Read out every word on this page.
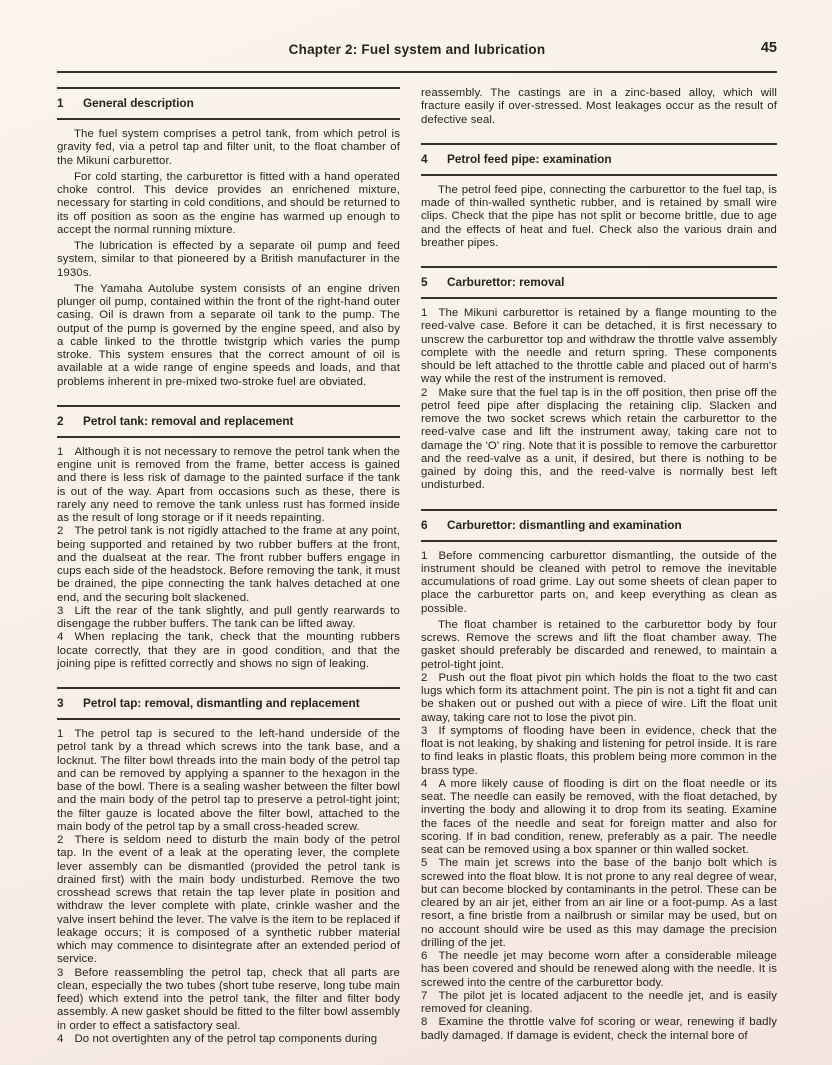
Chapter 2: Fuel system and lubrication	45
1 General description

The fuel system comprises a petrol tank, from which petrol is gravity fed, via a petrol tap and filter unit, to the float chamber of the Mikuni carburettor.

For cold starting, the carburettor is fitted with a hand operated choke control. This device provides an enrichened mixture, necessary for starting in cold conditions, and should be returned to its off position as soon as the engine has warmed up enough to accept the normal running mixture.

The lubrication is effected by a separate oil pump and feed system, similar to that pioneered by a British manufacturer in the 1930s.

The Yamaha Autolube system consists of an engine driven plunger oil pump, contained within the front of the right-hand outer casing. Oil is drawn from a separate oil tank to the pump. The output of the pump is governed by the engine speed, and also by a cable linked to the throttle twistgrip which varies the pump stroke. This system ensures that the correct amount of oil is available at a wide range of engine speeds and loads, and that problems inherent in pre-mixed two-stroke fuel are obviated.

2 Petrol tank: removal and replacement

1 Although it is not necessary to remove the petrol tank when the engine unit is removed from the frame, better access is gained and there is less risk of damage to the painted surface if the tank is out of the way. Apart from occasions such as these, there is rarely any need to remove the tank unless rust has formed inside as the result of long storage or if it needs repainting.

2 The petrol tank is not rigidly attached to the frame at any point, being supported and retained by two rubber buffers at the front, and the dualseat at the rear. The front rubber buffers engage in cups each side of the headstock. Before removing the tank, it must be drained, the pipe connecting the tank halves detached at one end, and the securing bolt slackened.

3 Lift the rear of the tank slightly, and pull gently rearwards to disengage the rubber buffers. The tank can be lifted away.

4 When replacing the tank, check that the mounting rubbers locate correctly, that they are in good condition, and that the joining pipe is refitted correctly and shows no sign of leaking.

3 Petrol tap: removal, dismantling and replacement

1 The petrol tap is secured to the left-hand underside of the petrol tank by a thread which screws into the tank base, and a locknut. The filter bowl threads into the main body of the petrol tap and can be removed by applying a spanner to the hexagon in the base of the bowl. There is a sealing washer between the filter bowl and the main body of the petrol tap to preserve a petrol-tight joint; the filter gauze is located above the filter bowl, attached to the main body of the petrol tap by a small cross-headed screw.

2 There is seldom need to disturb the main body of the petrol tap. In the event of a leak at the operating lever, the complete lever assembly can be dismantled (provided the petrol tank is drained first) with the main body undisturbed. Remove the two crosshead screws that retain the tap lever plate in position and withdraw the lever complete with plate, crinkle washer and the valve insert behind the lever. The valve is the item to be replaced if leakage occurs; it is composed of a synthetic rubber material which may commence to disintegrate after an extended period of service.

3 Before reassembling the petrol tap, check that all parts are clean, especially the two tubes (short tube reserve, long tube main feed) which extend into the petrol tank, the filter and filter body assembly. A new gasket should be fitted to the filter bowl assembly in order to effect a satisfactory seal.

4 Do not overtighten any of the petrol tap components during

reassembly. The castings are in a zinc-based alloy, which will fracture easily if over-stressed. Most leakages occur as the result of defective seal.

4 Petrol feed pipe: examination

The petrol feed pipe, connecting the carburettor to the fuel tap, is made of thin-walled synthetic rubber, and is retained by small wire clips. Check that the pipe has not split or become brittle, due to age and the effects of heat and fuel. Check also the various drain and breather pipes.

5 Carburettor: removal

1 The Mikuni carburettor is retained by a flange mounting to the reed-valve case. Before it can be detached, it is first necessary to unscrew the carburettor top and withdraw the throttle valve assembly complete with the needle and return spring. These components should be left attached to the throttle cable and placed out of harm's way while the rest of the instrument is removed.

2 Make sure that the fuel tap is in the off position, then prise off the petrol feed pipe after displacing the retaining clip. Slacken and remove the two socket screws which retain the carburettor to the reed-valve case and lift the instrument away, taking care not to damage the 'O' ring. Note that it is possible to remove the carburettor and the reed-valve as a unit, if desired, but there is nothing to be gained by doing this, and the reed-valve is normally best left undisturbed.

6 Carburettor: dismantling and examination

1 Before commencing carburettor dismantling, the outside of the instrument should be cleaned with petrol to remove the inevitable accumulations of road grime. Lay out some sheets of clean paper to place the carburettor parts on, and keep everything as clean as possible.

The float chamber is retained to the carburettor body by four screws. Remove the screws and lift the float chamber away. The gasket should preferably be discarded and renewed, to maintain a petrol-tight joint.

2 Push out the float pivot pin which holds the float to the two cast lugs which form its attachment point. The pin is not a tight fit and can be shaken out or pushed out with a piece of wire. Lift the float unit away, taking care not to lose the pivot pin.

3 If symptoms of flooding have been in evidence, check that the float is not leaking, by shaking and listening for petrol inside. It is rare to find leaks in plastic floats, this problem being more common in the brass type.

4 A more likely cause of flooding is dirt on the float needle or its seat. The needle can easily be removed, with the float detached, by inverting the body and allowing it to drop from its seating. Examine the faces of the needle and seat for foreign matter and also for scoring. If in bad condition, renew, preferably as a pair. The needle seat can be removed using a box spanner or thin walled socket.

5 The main jet screws into the base of the banjo bolt which is screwed into the float blow. It is not prone to any real degree of wear, but can become blocked by contaminants in the petrol. These can be cleared by an air jet, either from an air line or a foot-pump. As a last resort, a fine bristle from a nailbrush or similar may be used, but on no account should wire be used as this may damage the precision drilling of the jet.

6 The needle jet may become worn after a considerable mileage has been covered and should be renewed along with the needle. It is screwed into the centre of the carburettor body.

7 The pilot jet is located adjacent to the needle jet, and is easily removed for cleaning.

8 Examine the throttle valve fof scoring or wear, renewing if badly badly damaged. If damage is evident, check the internal bore of
